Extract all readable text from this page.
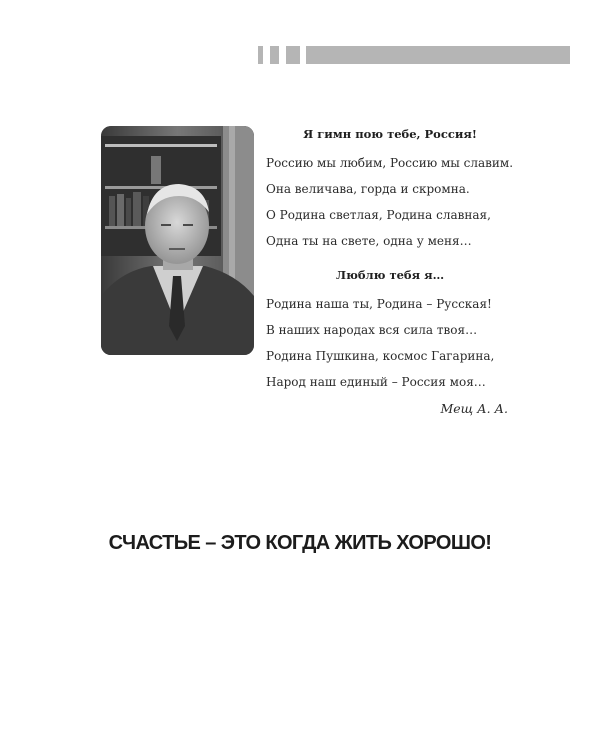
Я гимн пою тебе, Россия!
Россию мы любим, Россию мы славим.
Она величава, горда и скромна.
О Родина светлая, Родина славная,
Одна ты на свете, одна у меня…
Люблю тебя я…
Родина наша ты, Родина – Русская!
В наших народах вся сила твоя…
Родина Пушкина, космос Гагарина,
Народ наш единый – Россия моя…
Мещ А. А.
СЧАСТЬЕ – ЭТО КОГДА ЖИТЬ ХОРОШО!
